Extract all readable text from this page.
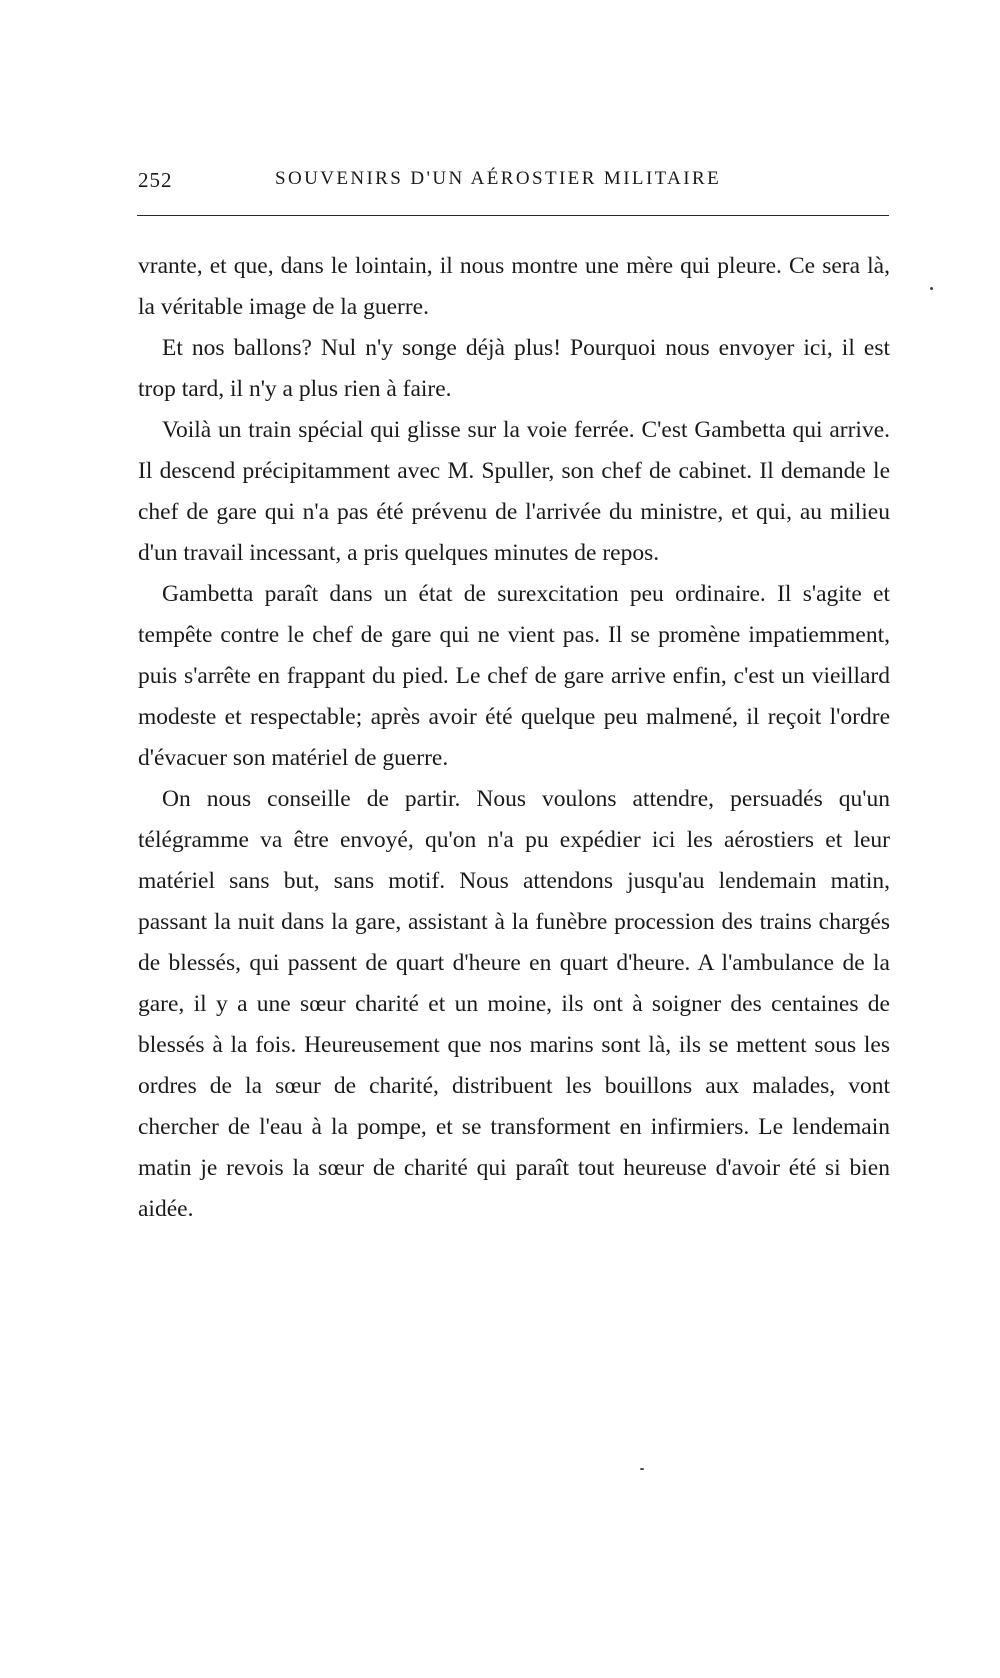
252	SOUVENIRS D'UN AÉROSTIER MILITAIRE

vrante, et que, dans le lointain, il nous montre une mère qui pleure. Ce sera là, la véritable image de la guerre.

Et nos ballons? Nul n'y songe déjà plus! Pourquoi nous envoyer ici, il est trop tard, il n'y a plus rien à faire.

Voilà un train spécial qui glisse sur la voie ferrée. C'est Gambetta qui arrive. Il descend précipitamment avec M. Spuller, son chef de cabinet. Il demande le chef de gare qui n'a pas été prévenu de l'arrivée du ministre, et qui, au milieu d'un travail incessant, a pris quelques minutes de repos.

Gambetta paraît dans un état de surexcitation peu ordinaire. Il s'agite et tempête contre le chef de gare qui ne vient pas. Il se promène impatiemment, puis s'arrête en frappant du pied. Le chef de gare arrive enfin, c'est un vieillard modeste et respectable; après avoir été quelque peu malmené, il reçoit l'ordre d'évacuer son matériel de guerre.

On nous conseille de partir. Nous voulons attendre, persuadés qu'un télégramme va être envoyé, qu'on n'a pu expédier ici les aérostiers et leur matériel sans but, sans motif. Nous attendons jusqu'au lendemain matin, passant la nuit dans la gare, assistant à la funèbre procession des trains chargés de blessés, qui passent de quart d'heure en quart d'heure. A l'ambulance de la gare, il y a une sœur charité et un moine, ils ont à soigner des centaines de blessés à la fois. Heureusement que nos marins sont là, ils se mettent sous les ordres de la sœur de charité, distribuent les bouillons aux malades, vont chercher de l'eau à la pompe, et se transforment en infirmiers. Le lendemain matin je revois la sœur de charité qui paraît tout heureuse d'avoir été si bien aidée.
